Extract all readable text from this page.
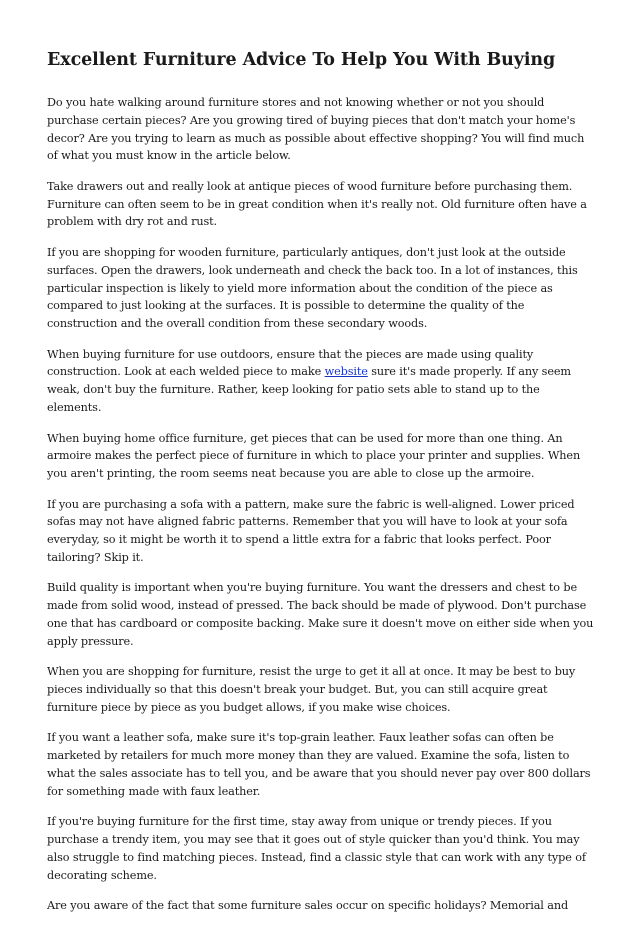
Excellent Furniture Advice To Help You With Buying

Do you hate walking around furniture stores and not knowing whether or not you should purchase certain pieces? Are you growing tired of buying pieces that don't match your home's decor? Are you trying to learn as much as possible about effective shopping? You will find much of what you must know in the article below.

Take drawers out and really look at antique pieces of wood furniture before purchasing them. Furniture can often seem to be in great condition when it's really not. Old furniture often have a problem with dry rot and rust.

If you are shopping for wooden furniture, particularly antiques, don't just look at the outside surfaces. Open the drawers, look underneath and check the back too. In a lot of instances, this particular inspection is likely to yield more information about the condition of the piece as compared to just looking at the surfaces. It is possible to determine the quality of the construction and the overall condition from these secondary woods.

When buying furniture for use outdoors, ensure that the pieces are made using quality construction. Look at each welded piece to make website sure it's made properly. If any seem weak, don't buy the furniture. Rather, keep looking for patio sets able to stand up to the elements.

When buying home office furniture, get pieces that can be used for more than one thing. An armoire makes the perfect piece of furniture in which to place your printer and supplies. When you aren't printing, the room seems neat because you are able to close up the armoire.

If you are purchasing a sofa with a pattern, make sure the fabric is well-aligned. Lower priced sofas may not have aligned fabric patterns. Remember that you will have to look at your sofa everyday, so it might be worth it to spend a little extra for a fabric that looks perfect. Poor tailoring? Skip it.

Build quality is important when you're buying furniture. You want the dressers and chest to be made from solid wood, instead of pressed. The back should be made of plywood. Don't purchase one that has cardboard or composite backing. Make sure it doesn't move on either side when you apply pressure.

When you are shopping for furniture, resist the urge to get it all at once. It may be best to buy pieces individually so that this doesn't break your budget. But, you can still acquire great furniture piece by piece as you budget allows, if you make wise choices.

If you want a leather sofa, make sure it's top-grain leather. Faux leather sofas can often be marketed by retailers for much more money than they are valued. Examine the sofa, listen to what the sales associate has to tell you, and be aware that you should never pay over 800 dollars for something made with faux leather.

If you're buying furniture for the first time, stay away from unique or trendy pieces. If you purchase a trendy item, you may see that it goes out of style quicker than you'd think. You may also struggle to find matching pieces. Instead, find a classic style that can work with any type of decorating scheme.

Are you aware of the fact that some furniture sales occur on specific holidays? Memorial and
